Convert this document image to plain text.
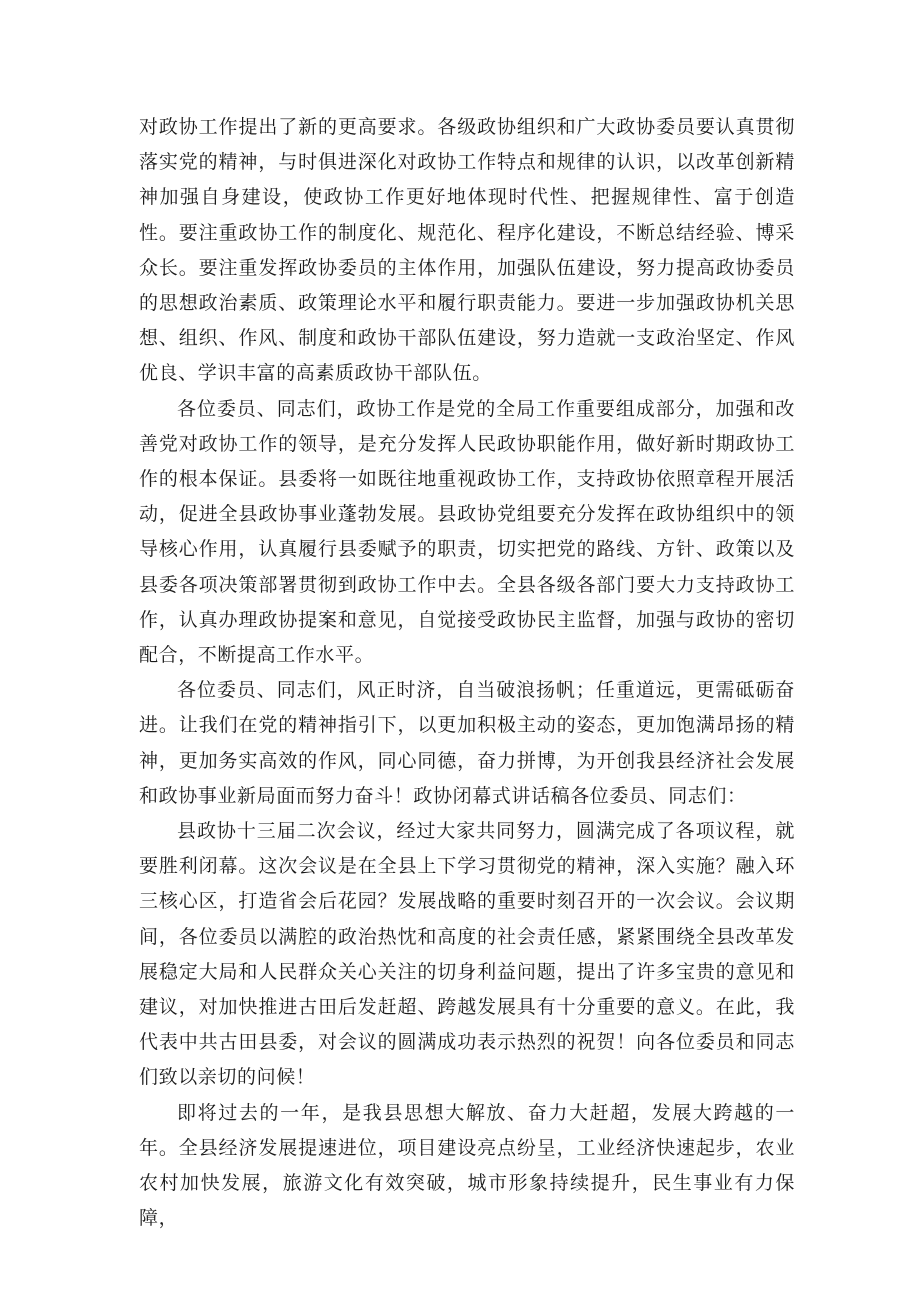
对政协工作提出了新的更高要求。各级政协组织和广大政协委员要认真贯彻落实党的精神，与时俱进深化对政协工作特点和规律的认识，以改革创新精神加强自身建设，使政协工作更好地体现时代性、把握规律性、富于创造性。要注重政协工作的制度化、规范化、程序化建设，不断总结经验、博采众长。要注重发挥政协委员的主体作用，加强队伍建设，努力提高政协委员的思想政治素质、政策理论水平和履行职责能力。要进一步加强政协机关思想、组织、作风、制度和政协干部队伍建设，努力造就一支政治坚定、作风优良、学识丰富的高素质政协干部队伍。

各位委员、同志们，政协工作是党的全局工作重要组成部分，加强和改善党对政协工作的领导，是充分发挥人民政协职能作用，做好新时期政协工作的根本保证。县委将一如既往地重视政协工作，支持政协依照章程开展活动，促进全县政协事业蓬勃发展。县政协党组要充分发挥在政协组织中的领导核心作用，认真履行县委赋予的职责，切实把党的路线、方针、政策以及县委各项决策部署贯彻到政协工作中去。全县各级各部门要大力支持政协工作，认真办理政协提案和意见，自觉接受政协民主监督，加强与政协的密切配合，不断提高工作水平。

各位委员、同志们，风正时济，自当破浪扬帆；任重道远，更需砥砺奋进。让我们在党的精神指引下，以更加积极主动的姿态，更加饱满昂扬的精神，更加务实高效的作风，同心同德，奋力拼博，为开创我县经济社会发展和政协事业新局面而努力奋斗！政协闭幕式讲话稿各位委员、同志们：

县政协十三届二次会议，经过大家共同努力，圆满完成了各项议程，就要胜利闭幕。这次会议是在全县上下学习贯彻党的精神，深入实施？融入环三核心区，打造省会后花园？发展战略的重要时刻召开的一次会议。会议期间，各位委员以满腔的政治热忱和高度的社会责任感，紧紧围绕全县改革发展稳定大局和人民群众关心关注的切身利益问题，提出了许多宝贵的意见和建议，对加快推进古田后发赶超、跨越发展具有十分重要的意义。在此，我代表中共古田县委，对会议的圆满成功表示热烈的祝贺！向各位委员和同志们致以亲切的问候！

即将过去的一年，是我县思想大解放、奋力大赶超，发展大跨越的一年。全县经济发展提速进位，项目建设亮点纷呈，工业经济快速起步，农业农村加快发展，旅游文化有效突破，城市形象持续提升，民生事业有力保障，
